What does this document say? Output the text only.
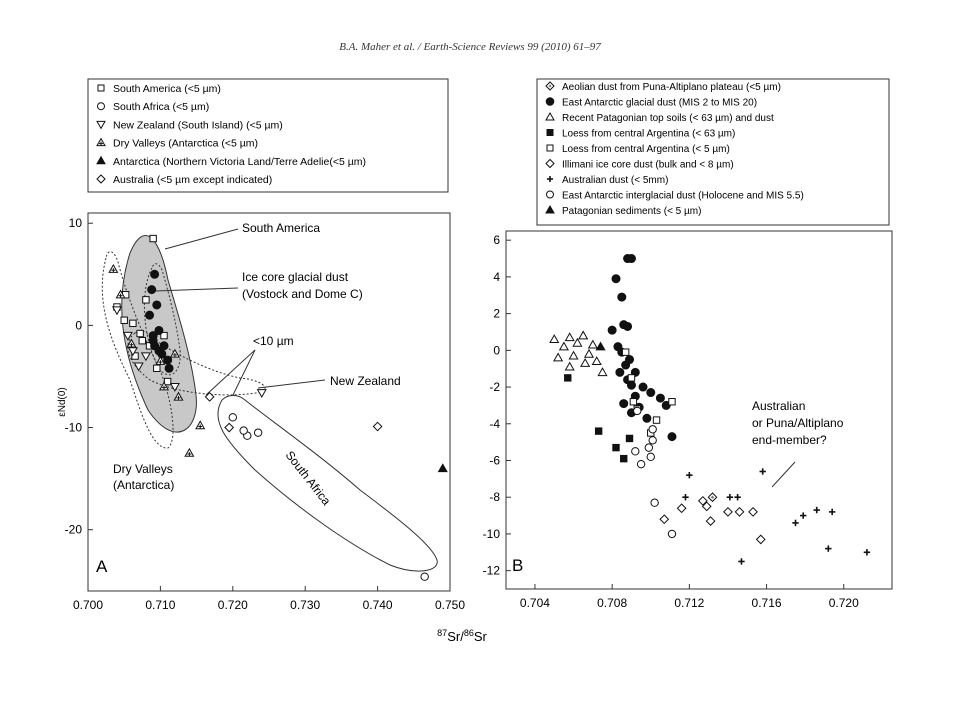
B.A. Maher et al. / Earth-Science Reviews 99 (2010) 61–97
South America (<5 µm)
South Africa (<5 µm)
New Zealand (South Island) (<5 µm)
Dry Valleys (Antarctica (<5 µm)
Antarctica (Northern Victoria Land/Terre Adelie(<5 µm)
Australia (<5 µm except indicated)
South America
Ice core glacial dust
(Vostock and Dome C)
<10 µm
New Zealand
South Africa
Dry Valleys
(Antarctica)
0.700	0.710	0.720	0.730	0.740	0.750
10
0
-10
-20
A
εNd(0)
Aeolian dust from Puna-Altiplano plateau (<5 µm)
East Antarctic glacial dust (MIS 2 to MIS 20)
Recent Patagonian top soils (< 63 µm) and dust
Loess from central Argentina (< 63 µm)
Loess from central Argentina (< 5 µm)
Illimani ice core dust (bulk and < 8 µm)
Australian dust (< 5mm)
East Antarctic interglacial dust (Holocene and MIS 5.5)
Patagonian sediments (< 5 µm)
Australian
or Puna/Altiplano
end-member?
0.704	0.708	0.712	0.716	0.720
6
4
2
0
-2
-4
-6
-8
-10
-12 B
$^{87}$Sr/$^{86}$Sr
